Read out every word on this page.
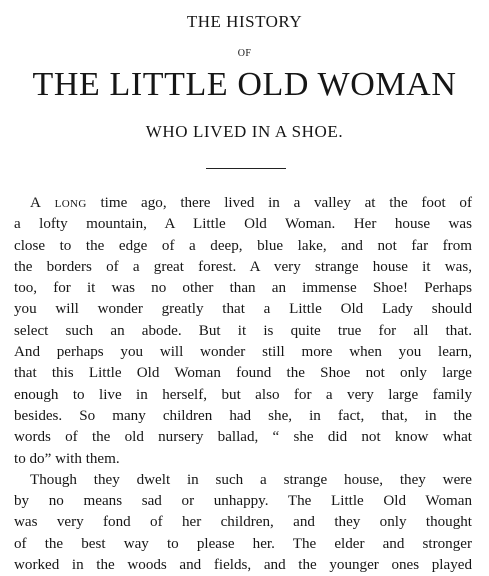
THE HISTORY
OF
THE LITTLE OLD WOMAN
WHO LIVED IN A SHOE.
A long time ago, there lived in a valley at the foot of
a lofty mountain, A Little Old Woman. Her house was
close to the edge of a deep, blue lake, and not far from
the borders of a great forest. A very strange house it was,
too, for it was no other than an immense Shoe! Perhaps
you will wonder greatly that a Little Old Lady should
select such an abode. But it is quite true for all that.
And perhaps you will wonder still more when you learn,
that this Little Old Woman found the Shoe not only large
enough to live in herself, but also for a very large family
besides. So many children had she, in fact, that, in the
words of the old nursery ballad, “ she did not know what
to do” with them.
Though they dwelt in such a strange house, they were
by no means sad or unhappy. The Little Old Woman
was very fond of her children, and they only thought
of the best way to please her. The elder and stronger
worked in the woods and fields, and the younger ones played
